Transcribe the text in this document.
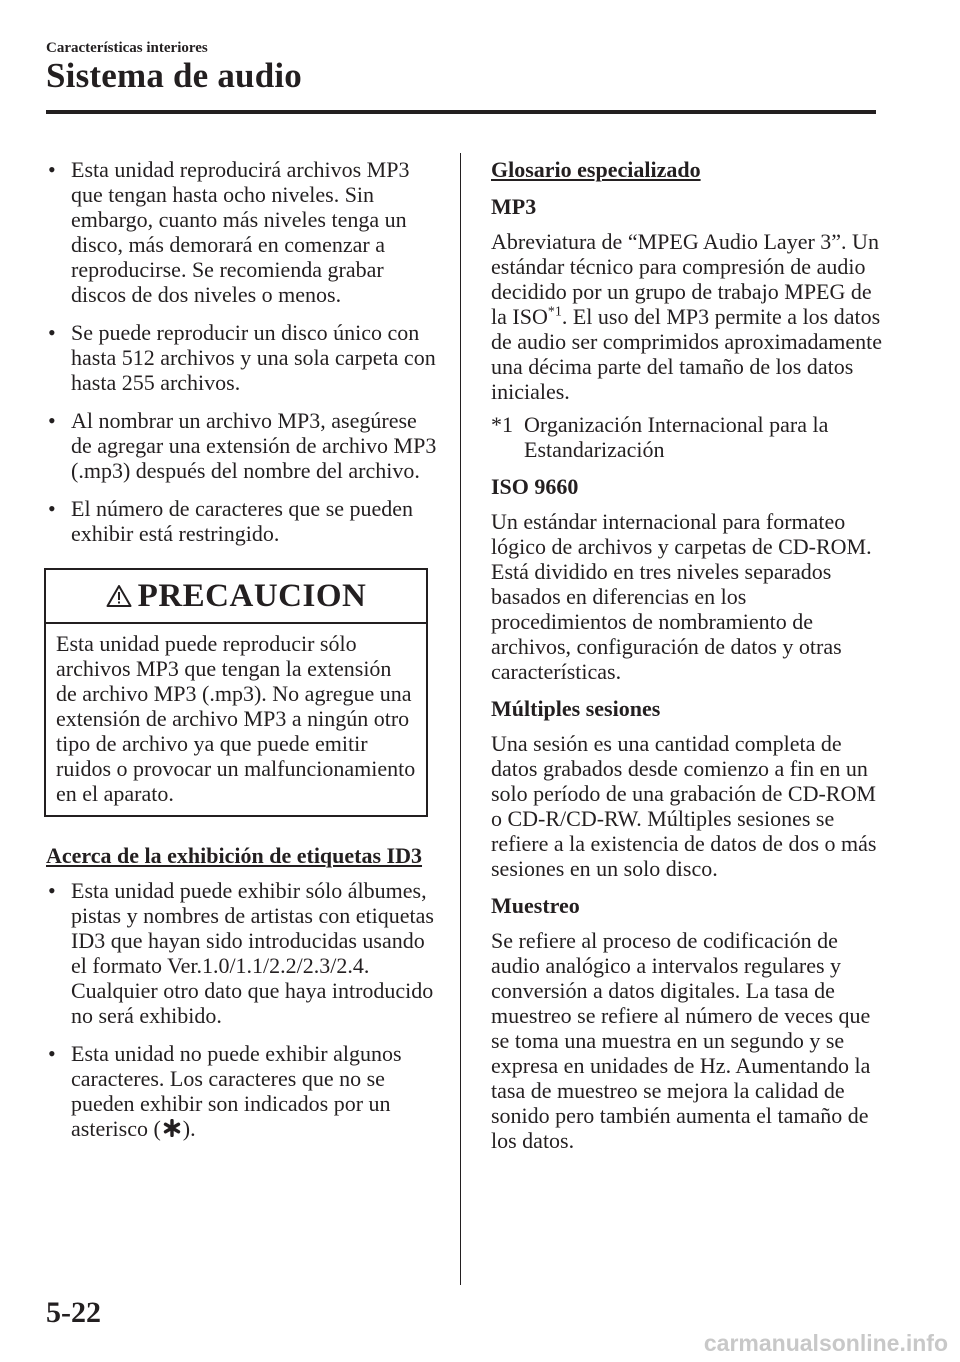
Características interiores
Sistema de audio
• Esta unidad reproducirá archivos MP3 que tengan hasta ocho niveles. Sin embargo, cuanto más niveles tenga un disco, más demorará en comenzar a reproducirse. Se recomienda grabar discos de dos niveles o menos.
• Se puede reproducir un disco único con hasta 512 archivos y una sola carpeta con hasta 255 archivos.
• Al nombrar un archivo MP3, asegúrese de agregar una extensión de archivo MP3 (.mp3) después del nombre del archivo.
• El número de caracteres que se pueden exhibir está restringido.
PRECAUCION
Esta unidad puede reproducir sólo archivos MP3 que tengan la extensión de archivo MP3 (.mp3). No agregue una extensión de archivo MP3 a ningún otro tipo de archivo ya que puede emitir ruidos o provocar un malfuncionamiento en el aparato.
Acerca de la exhibición de etiquetas ID3
• Esta unidad puede exhibir sólo álbumes, pistas y nombres de artistas con etiquetas ID3 que hayan sido introducidas usando el formato Ver.1.0/1.1/2.2/2.3/2.4. Cualquier otro dato que haya introducido no será exhibido.
• Esta unidad no puede exhibir algunos caracteres. Los caracteres que no se pueden exhibir son indicados por un asterisco ( ).
Glosario especializado
MP3

Abreviatura de “MPEG Audio Layer 3”. Un estándar técnico para compresión de audio decidido por un grupo de trabajo MPEG de la ISO$^{*1}$. El uso del MP3 permite a los datos de audio ser comprimidos aproximadamente una décima parte del tamaño de los datos iniciales.

*1 Organización Internacional para la Estandarización

ISO 9660

Un estándar internacional para formateo lógico de archivos y carpetas de CD-ROM. Está dividido en tres niveles separados basados en diferencias en los procedimientos de nombramiento de archivos, configuración de datos y otras características.

Múltiples sesiones

Una sesión es una cantidad completa de datos grabados desde comienzo a fin en un solo período de una grabación de CD-ROM o CD-R/CD-RW. Múltiples sesiones se refiere a la existencia de datos de dos o más sesiones en un solo disco.

Muestreo

Se refiere al proceso de codificación de audio analógico a intervalos regulares y conversión a datos digitales. La tasa de muestreo se refiere al número de veces que se toma una muestra en un segundo y se expresa en unidades de Hz. Aumentando la tasa de muestreo se mejora la calidad de sonido pero también aumenta el tamaño de los datos.

5-22
carmanualsonline.info
